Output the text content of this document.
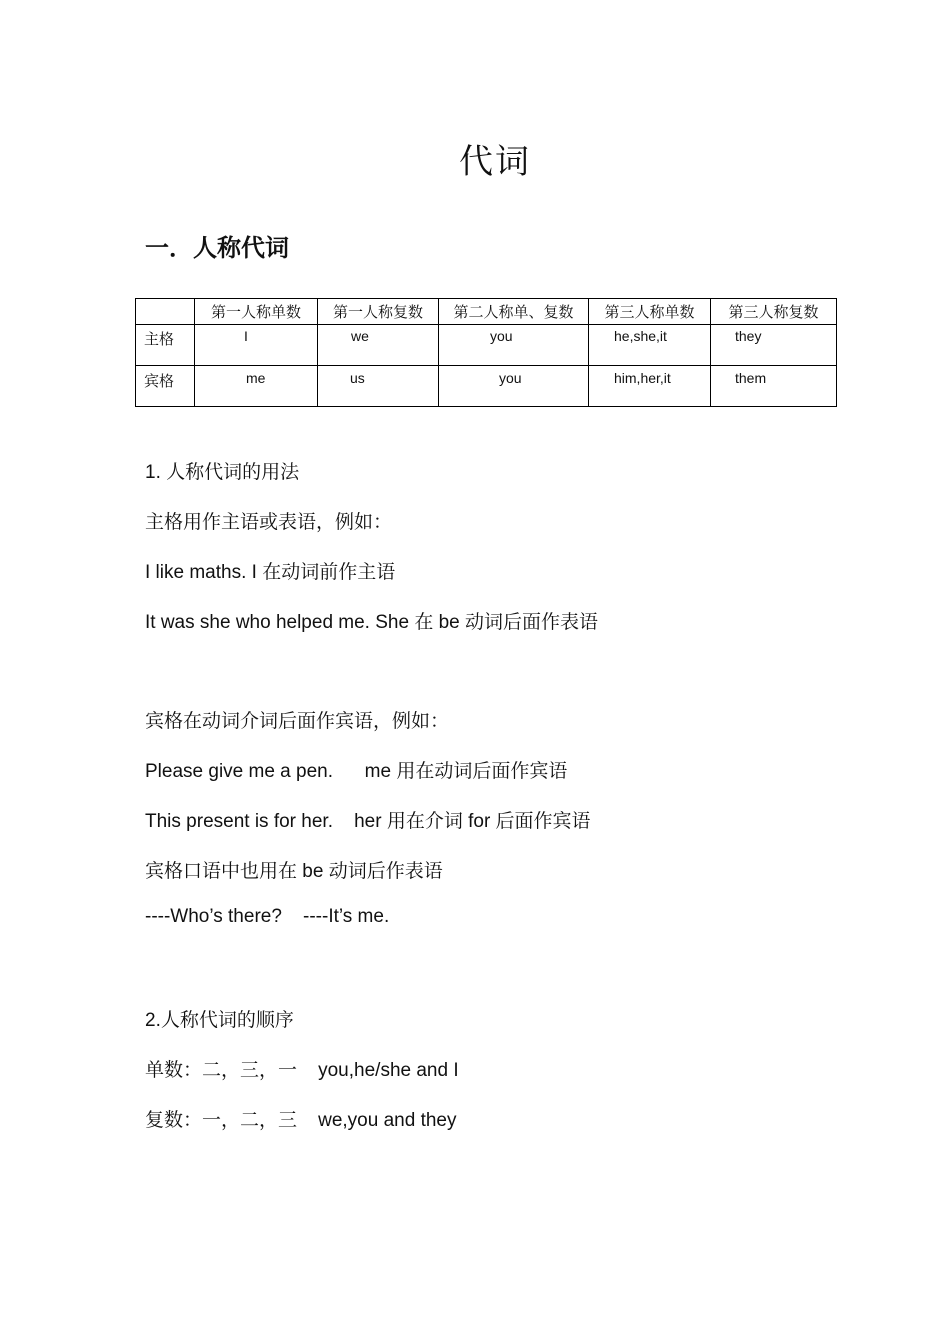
代词
一．人称代词
	第一人称单数	第一人称复数	第二人称单、复数	第三人称单数	第三人称复数
主格	I	we	you	he,she,it	they
宾格	me	us	you	him,her,it	them
1. 人称代词的用法
主格用作主语或表语，例如：
I like maths. I 在动词前作主语
It was she who helped me. She 在 be 动词后面作表语
宾格在动词介词后面作宾语，例如：
Please give me a pen.      me 用在动词后面作宾语
This present is for her.    her 用在介词 for 后面作宾语
宾格口语中也用在 be 动词后作表语
----Who’s there?    ----It’s me.
2.人称代词的顺序
单数：二，三，一    you,he/she and I
复数：一，二，三    we,you and they
